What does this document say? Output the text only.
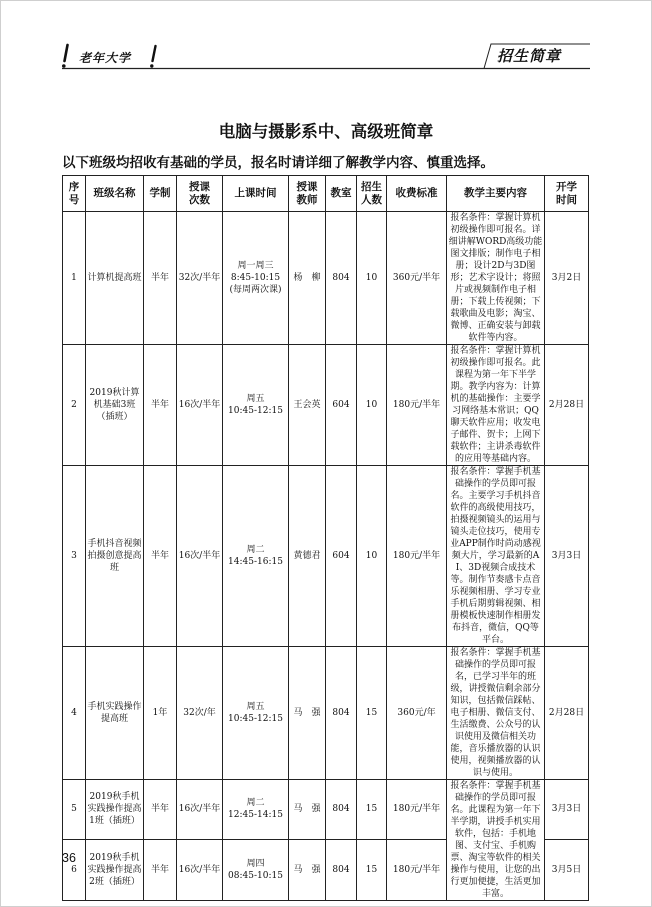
老年大学	招生简章
电脑与摄影系中、高级班简章
以下班级均招收有基础的学员，报名时请详细了解教学内容、慎重选择。
序号	班级名称	学制	授课次数	上课时间	授课教师	教室	招生人数	收费标准	教学主要内容	开学时间
1	计算机提高班	半年	32次/半年	周一周三
8:45-10:15
(每周两次课)	杨　柳	804	10	360元/半年	报名条件：掌握计算机初级操作即可报名。详细讲解WORD高级功能图文排版；制作电子相册；设计2D与3D图形；艺术字设计；将照片或视频制作电子相册；下载上传视频；下载歌曲及电影；淘宝、微博、正确安装与卸载软件等内容。	3月2日
2	2019秋计算机基础3班（插班）	半年	16次/半年	周五
10:45-12:15	王会英	604	10	180元/半年	报名条件：掌握计算机初级操作即可报名。此课程为第一年下半学期。教学内容为：计算机的基础操作：主要学习网络基本常识；QQ聊天软件应用；收发电子邮件、贺卡；上网下载软件；主讲杀毒软件的应用等基础内容。	2月28日
3	手机抖音视频拍摄创意提高班	半年	16次/半年	周二
14:45-16:15	黄德君	604	10	180元/半年	报名条件：掌握手机基础操作的学员即可报名。主要学习手机抖音软件的高级使用技巧，拍摄视频镜头的运用与镜头走位技巧，使用专业APP制作时尚动感视频大片，学习最新的AI、3D视频合成技术等。制作节奏感卡点音乐视频相册、学习专业手机后期剪辑视频、相册模板快速制作相册发布抖音，微信，QQ等平台。	3月3日
4	手机实践操作提高班	1年	32次/年	周五
10:45-12:15	马　强	804	15	360元/年	报名条件：掌握手机基础操作的学员即可报名，已学习半年的班级，讲授微信剩余部分知识，包括微信踩帖、电子相册、微信支付、生活缴费、公众号的认识使用及微信相关功能，音乐播放器的认识使用，视频播放器的认识与使用。	2月28日
5	2019秋手机实践操作提高1班（插班）	半年	16次/半年	周二
12:45-14:15	马　强	804	15	180元/半年	报名条件：掌握手机基础操作的学员即可报名。此课程为第一年下半学期，讲授手机实用软件，包括：手机地图、支付宝、手机购票、淘宝等软件的相关操作与使用，让您的出行更加便捷，生活更加丰富。	3月3日
6	2019秋手机实践操作提高2班（插班）	半年	16次/半年	周四
08:45-10:15	马　强	804	15	180元/半年		3月5日
36
